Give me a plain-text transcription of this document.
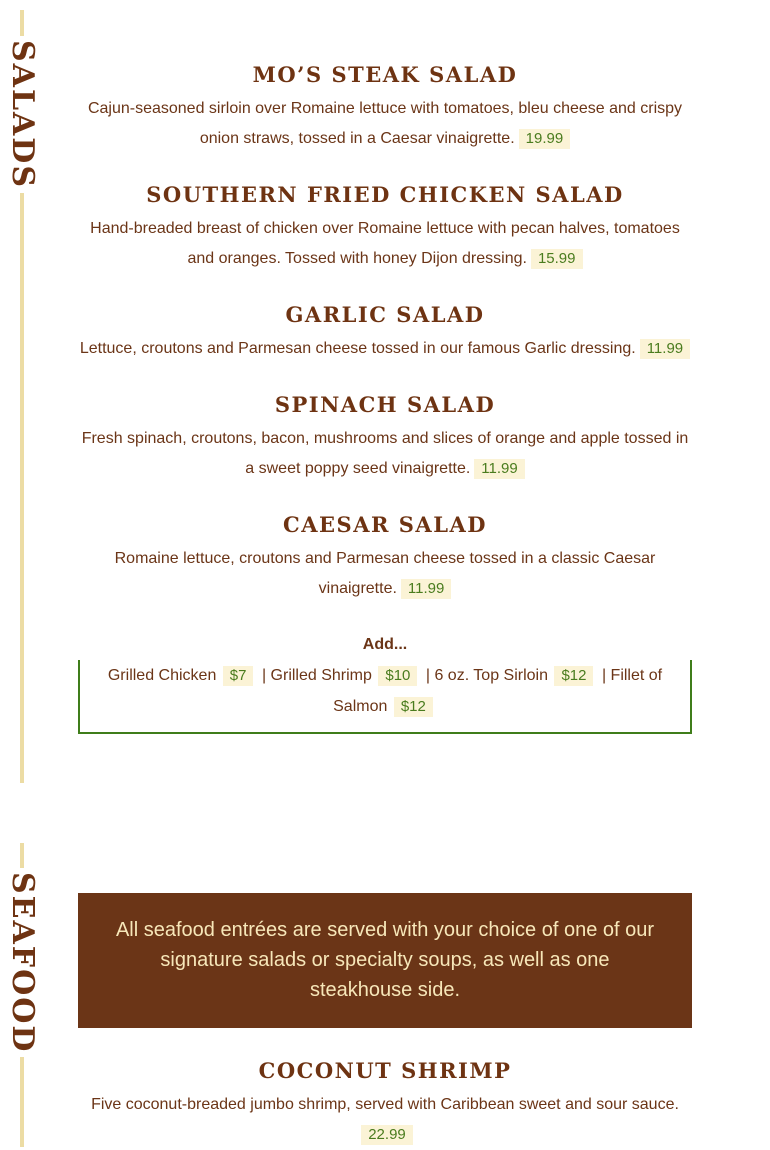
SALADS
SEAFOOD
MO’S STEAK SALAD

Cajun-seasoned sirloin over Romaine lettuce with tomatoes, bleu cheese and crispy onion straws, tossed in a Caesar vinaigrette. 19.99

SOUTHERN FRIED CHICKEN SALAD

Hand-breaded breast of chicken over Romaine lettuce with pecan halves, tomatoes and oranges. Tossed with honey Dijon dressing. 15.99

GARLIC SALAD

Lettuce, croutons and Parmesan cheese tossed in our famous Garlic dressing. 11.99

SPINACH SALAD

Fresh spinach, croutons, bacon, mushrooms and slices of orange and apple tossed in a sweet poppy seed vinaigrette. 11.99

CAESAR SALAD

Romaine lettuce, croutons and Parmesan cheese tossed in a classic Caesar vinaigrette. 11.99

Add...
Grilled Chicken $7 | Grilled Shrimp $10 | 6 oz. Top Sirloin $12 | Fillet of Salmon $12
All seafood entrées are served with your choice of one of our signature salads or specialty soups, as well as one steakhouse side.
COCONUT SHRIMP

Five coconut-breaded jumbo shrimp, served with Caribbean sweet and sour sauce.
22.99
